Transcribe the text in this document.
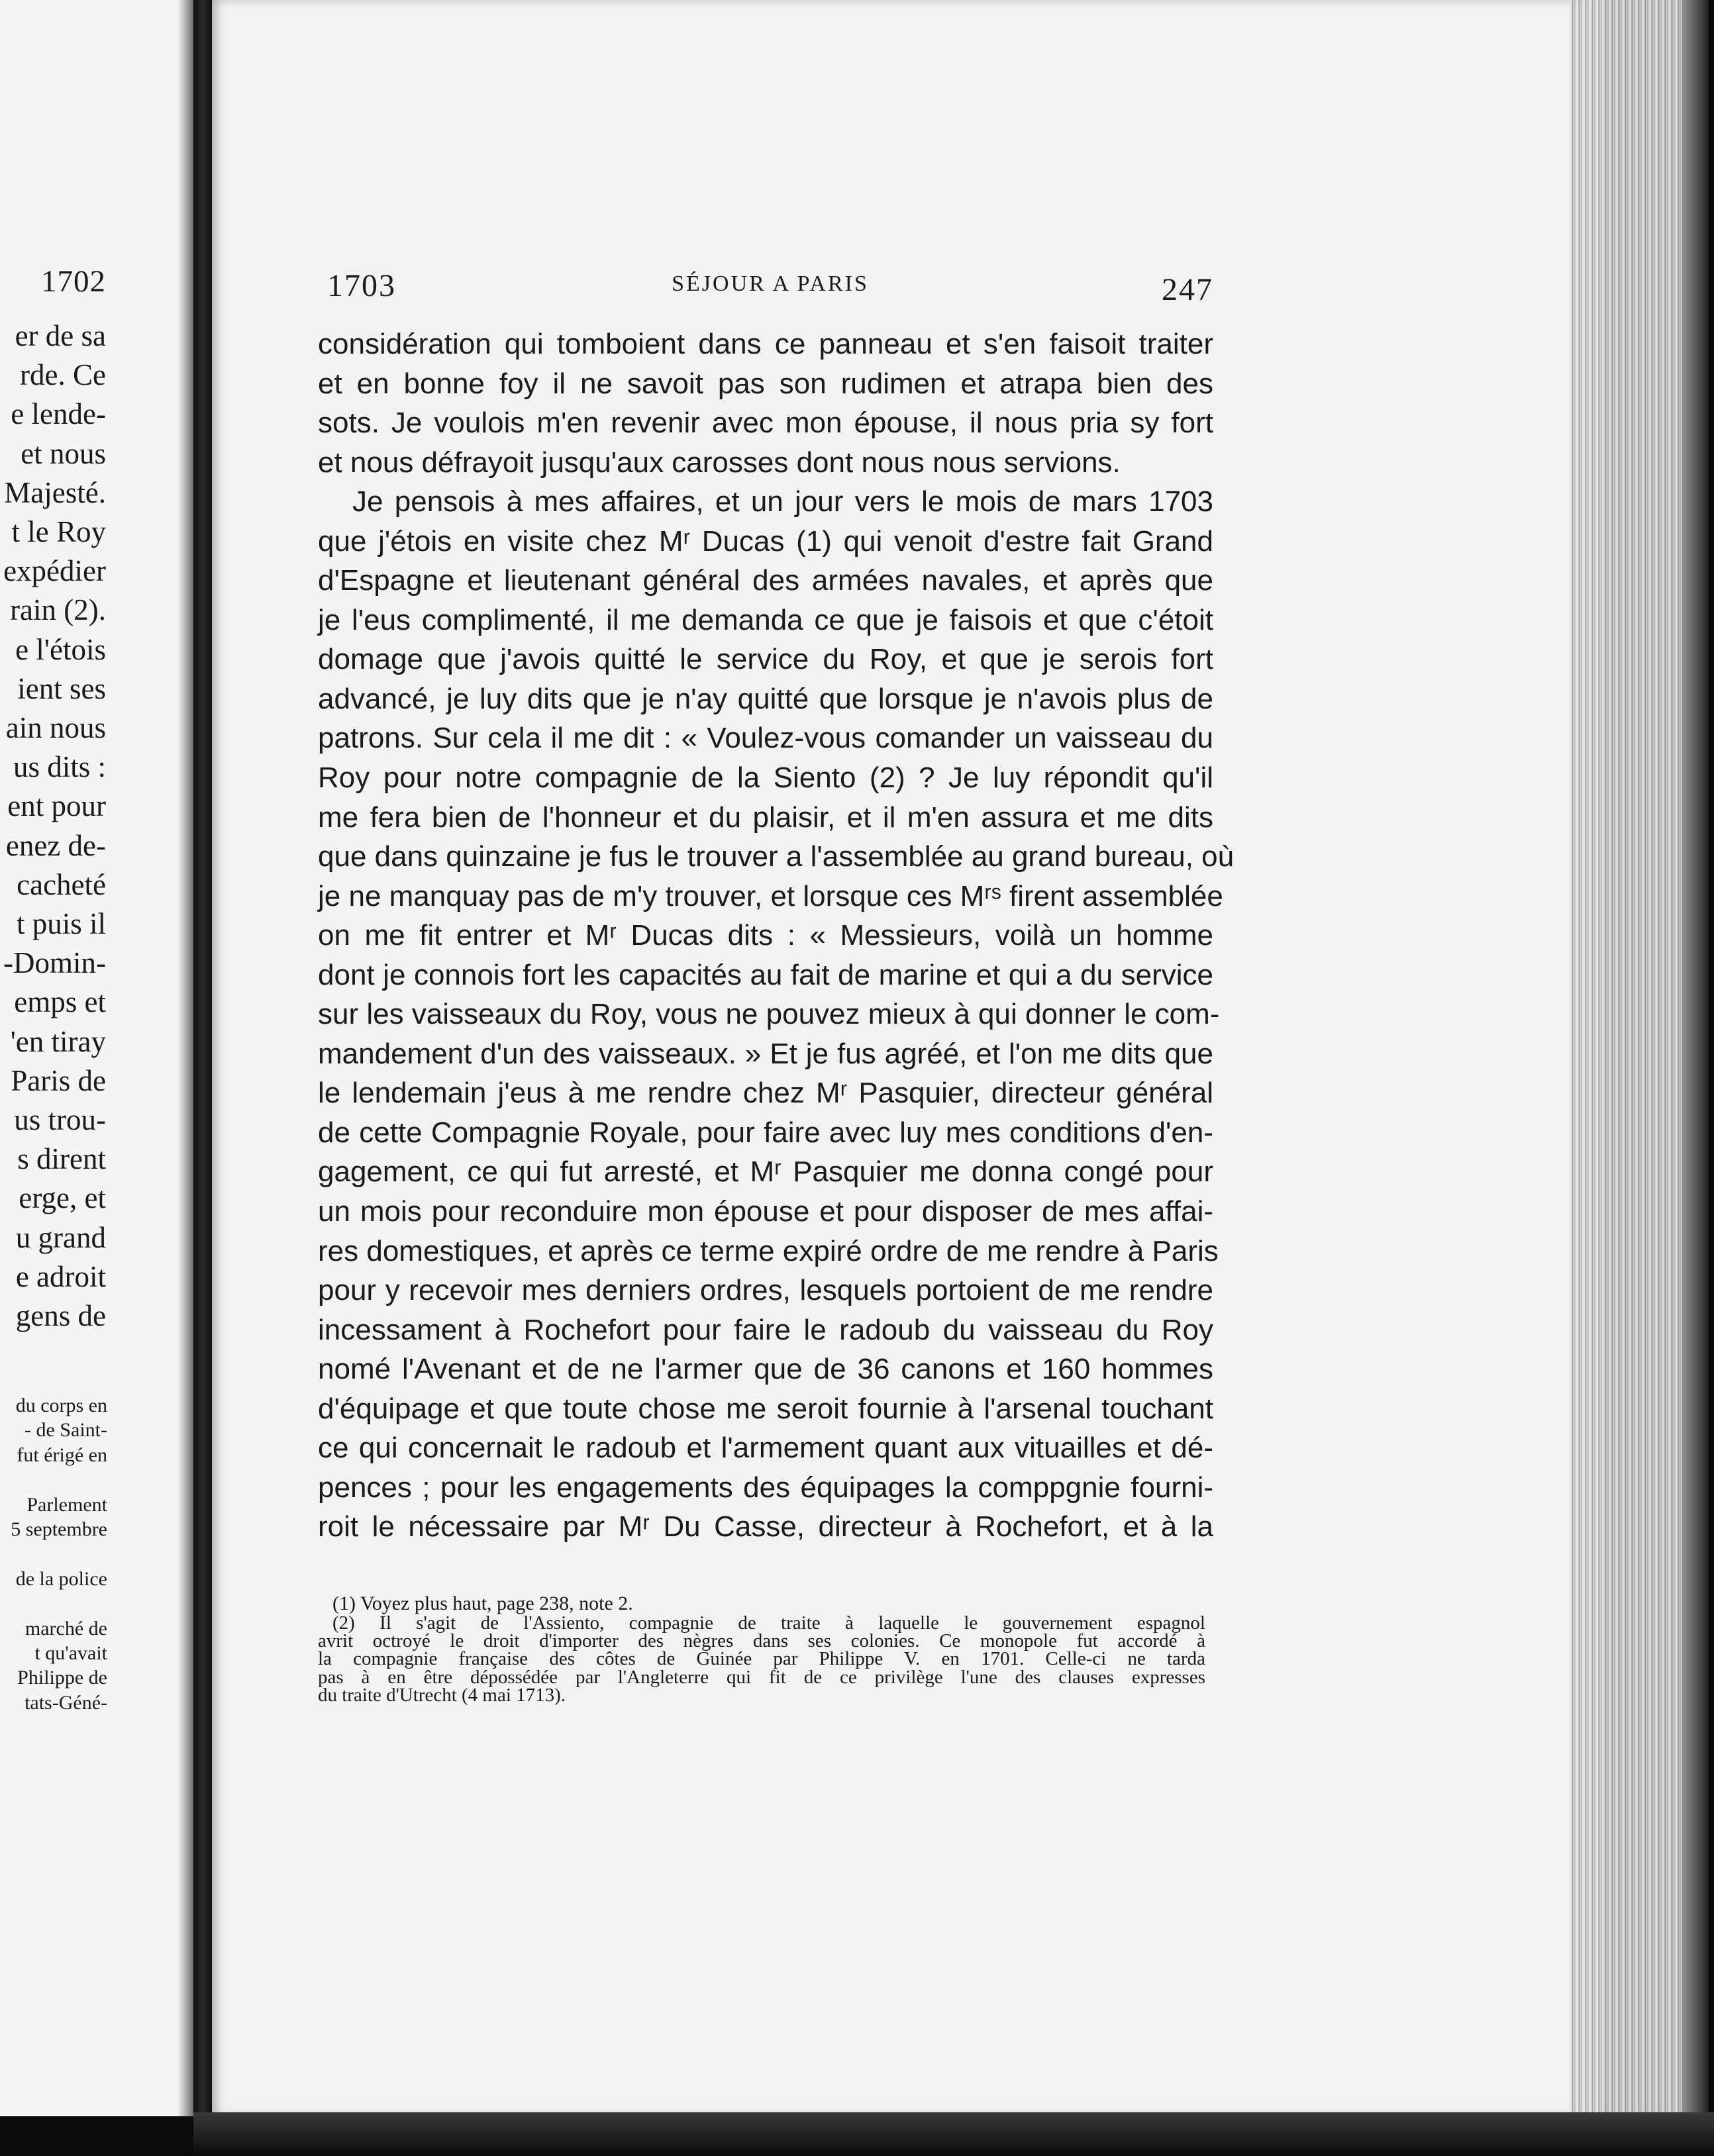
1702
er de sa
rde. Ce
e lende-
et nous
Majesté.
t le Roy
expédier
rain (2).
e l'étois
ient ses
ain nous
us dits :
ent pour
enez de-
cacheté
t puis il
-Domin-
emps et
'en tiray
Paris de
us trou-
s dirent
erge, et
u grand
e adroit
gens de
du corps en
- de Saint-
fut érigé en

Parlement
5 septembre

de la police

marché de
t qu'avait
Philippe de
tats-Géné-
1703	SÉJOUR A PARIS	247
considération qui tomboient dans ce panneau et s'en faisoit traiter
et en bonne foy il ne savoit pas son rudimen et atrapa bien des
sots. Je voulois m'en revenir avec mon épouse, il nous pria sy fort
et nous défrayoit jusqu'aux carosses dont nous nous servions.
Je pensois à mes affaires, et un jour vers le mois de mars 1703
que j'étois en visite chez Mʳ Ducas (1) qui venoit d'estre fait Grand
d'Espagne et lieutenant général des armées navales, et après que
je l'eus complimenté, il me demanda ce que je faisois et que c'étoit
domage que j'avois quitté le service du Roy, et que je serois fort
advancé, je luy dits que je n'ay quitté que lorsque je n'avois plus de
patrons. Sur cela il me dit : « Voulez-vous comander un vaisseau du
Roy pour notre compagnie de la Siento (2) ? Je luy répondit qu'il
me fera bien de l'honneur et du plaisir, et il m'en assura et me dits
que dans quinzaine je fus le trouver a l'assemblée au grand bureau, où
je ne manquay pas de m'y trouver, et lorsque ces Mʳˢ firent assemblée
on me fit entrer et Mʳ Ducas dits : « Messieurs, voilà un homme
dont je connois fort les capacités au fait de marine et qui a du service
sur les vaisseaux du Roy, vous ne pouvez mieux à qui donner le com-
mandement d'un des vaisseaux. » Et je fus agréé, et l'on me dits que
le lendemain j'eus à me rendre chez Mʳ Pasquier, directeur général
de cette Compagnie Royale, pour faire avec luy mes conditions d'en-
gagement, ce qui fut arresté, et Mʳ Pasquier me donna congé pour
un mois pour reconduire mon épouse et pour disposer de mes affai-
res domestiques, et après ce terme expiré ordre de me rendre à Paris
pour y recevoir mes derniers ordres, lesquels portoient de me rendre
incessament à Rochefort pour faire le radoub du vaisseau du Roy
nomé l'Avenant et de ne l'armer que de 36 canons et 160 hommes
d'équipage et que toute chose me seroit fournie à l'arsenal touchant
ce qui concernait le radoub et l'armement quant aux vituailles et dé-
pences ; pour les engagements des équipages la comppgnie fourni-
roit le nécessaire par Mʳ Du Casse, directeur à Rochefort, et à la
(1) Voyez plus haut, page 238, note 2.
(2) Il s'agit de l'Assiento, compagnie de traite à laquelle le gouvernement espagnol
avrit octroyé le droit d'importer des nègres dans ses colonies. Ce monopole fut accordé à
la compagnie française des côtes de Guinée par Philippe V. en 1701. Celle-ci ne tarda
pas à en être dépossédée par l'Angleterre qui fit de ce privilège l'une des clauses expresses
du traite d'Utrecht (4 mai 1713).
